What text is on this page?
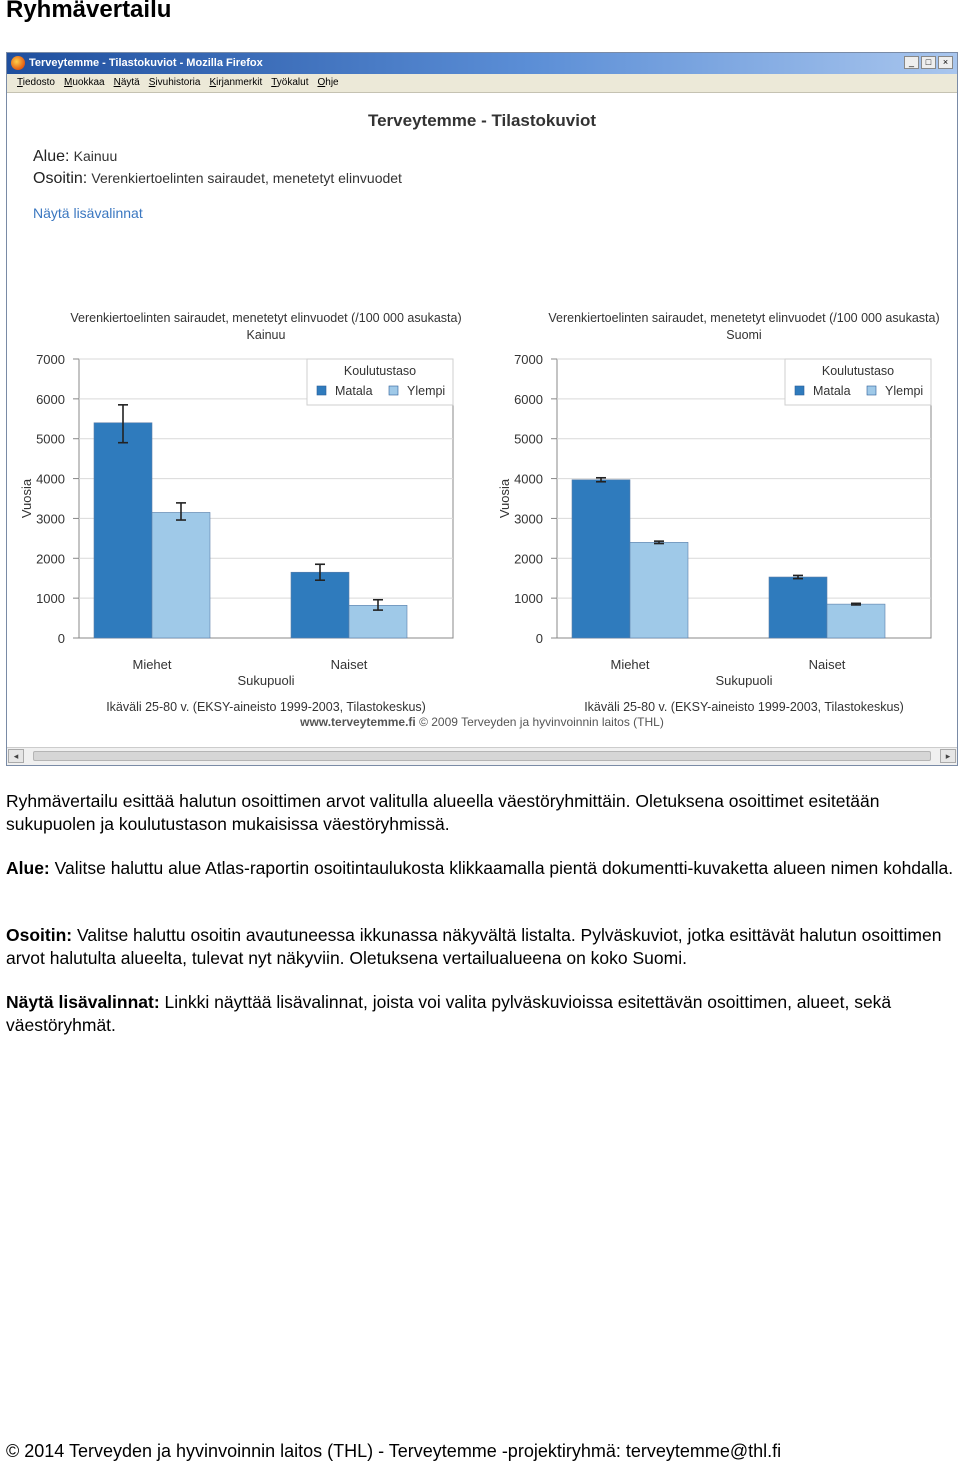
Ryhmävertailu
Terveytemme - Tilastokuviot - Mozilla Firefox	_	□	×
Tiedosto Muokkaa Näytä Sivuhistoria Kirjanmerkit Työkalut Ohje
Terveytemme - Tilastokuviot
Alue: Kainuu
Osoitin: Verenkiertoelinten sairaudet, menetetyt elinvuodet
Näytä lisävalinnat
Verenkiertoelinten sairaudet, menetetyt elinvuodet (/100 000 asukasta)
Kainuu
0
1000
2000
3000
4000
5000
6000
7000
Vuosia
Miehet	Naiset
Sukupuoli
Ikäväli 25-80 v. (EKSY-aineisto 1999-2003, Tilastokeskus)
Koulutustaso
Matala	Ylempi
Verenkiertoelinten sairaudet, menetetyt elinvuodet (/100 000 asukasta)
Suomi
0
1000
2000
3000
4000
5000
6000
7000
Vuosia
Miehet	Naiset
Sukupuoli
Ikäväli 25-80 v. (EKSY-aineisto 1999-2003, Tilastokeskus)
Koulutustaso
Matala	Ylempi
www.terveytemme.fi © 2009 Terveyden ja hyvinvoinnin laitos (THL)
◂	▸

Ryhmävertailu esittää halutun osoittimen arvot valitulla alueella väestöryhmittäin. Oletuksena osoittimet esitetään sukupuolen ja koulutustason mukaisissa väestöryhmissä.

Alue: Valitse haluttu alue Atlas-raportin osoitintaulukosta klikkaamalla pientä dokumentti-kuvaketta alueen nimen kohdalla.

Osoitin: Valitse haluttu osoitin avautuneessa ikkunassa näkyvältä listalta. Pylväskuviot, jotka esittävät halutun osoittimen arvot halutulta alueelta, tulevat nyt näkyviin. Oletuksena vertailualueena on koko Suomi.

Näytä lisävalinnat: Linkki näyttää lisävalinnat, joista voi valita pylväskuvioissa esitettävän osoittimen, alueet, sekä väestöryhmät.

© 2014 Terveyden ja hyvinvoinnin laitos (THL) - Terveytemme -projektiryhmä: terveytemme@thl.fi
